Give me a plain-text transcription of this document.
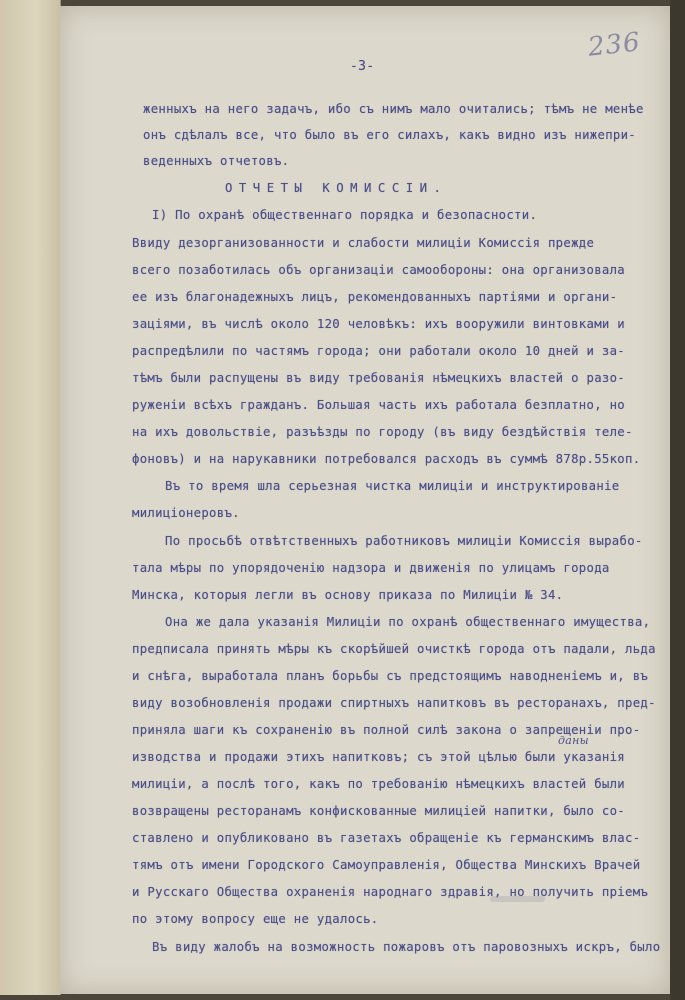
236
-3-
женныхъ на него задачъ, ибо съ нимъ мало очитались; тѣмъ не менѣе
онъ сдѣлалъ все, что было въ его силахъ, какъ видно изъ нижепри-
веденныхъ отчетовъ.
ОТЧЕТЫ КОМИССІИ.
I) По охранѣ общественнаго порядка и безопасности.
Ввиду дезорганизованности и слабости милиціи Комиссія прежде
всего позаботилась объ организаціи самообороны: она организовала
ее изъ благонадежныхъ лицъ, рекомендованныхъ партіями и органи-
заціями, въ числѣ около 120 человѣкъ: ихъ вооружили винтовками и
распредѣлили по частямъ города; они работали около 10 дней и за-
тѣмъ были распущены въ виду требованія нѣмецкихъ властей о разо-
руженіи всѣхъ гражданъ. Большая часть ихъ работала безплатно, но
на ихъ довольствіе, разъѣзды по городу (въ виду бездѣйствія теле-
фоновъ) и на нарукавники потребовался расходъ въ суммѣ 878р.55коп.
Въ то время шла серьезная чистка милиціи и инструктированіе
милиціонеровъ.
По просьбѣ отвѣтственныхъ работниковъ милиціи Комиссія вырабо-
тала мѣры по упорядоченію надзора и движенія по улицамъ города
Минска, которыя легли въ основу приказа по Милиціи № 34.
Она же дала указанія Милиціи по охранѣ общественнаго имущества,
предписала принять мѣры къ скорѣйшей очисткѣ города отъ падали, льда
и снѣга, выработала планъ борьбы съ предстоящимъ наводненіемъ и, въ
виду возобновленія продажи спиртныхъ напитковъ въ ресторанахъ, пред-
приняла шаги къ сохраненію въ полной силѣ закона о запрещеніи про-
даны
изводства и продажи этихъ напитковъ; съ этой цѣлью были указанія
милиціи, а послѣ того, какъ по требованію нѣмецкихъ властей были
возвращены ресторанамъ конфискованные милиціей напитки, было со-
ставлено и опубликовано въ газетахъ обращеніе къ германскимъ влас-
тямъ отъ имени Городского Самоуправленія, Общества Минскихъ Врачей
и Русскаго Общества охраненія народнаго здравія, но получить пріемъ
по этому вопросу еще не удалось.
Въ виду жалобъ на возможность пожаровъ отъ паровозныхъ искръ, было
